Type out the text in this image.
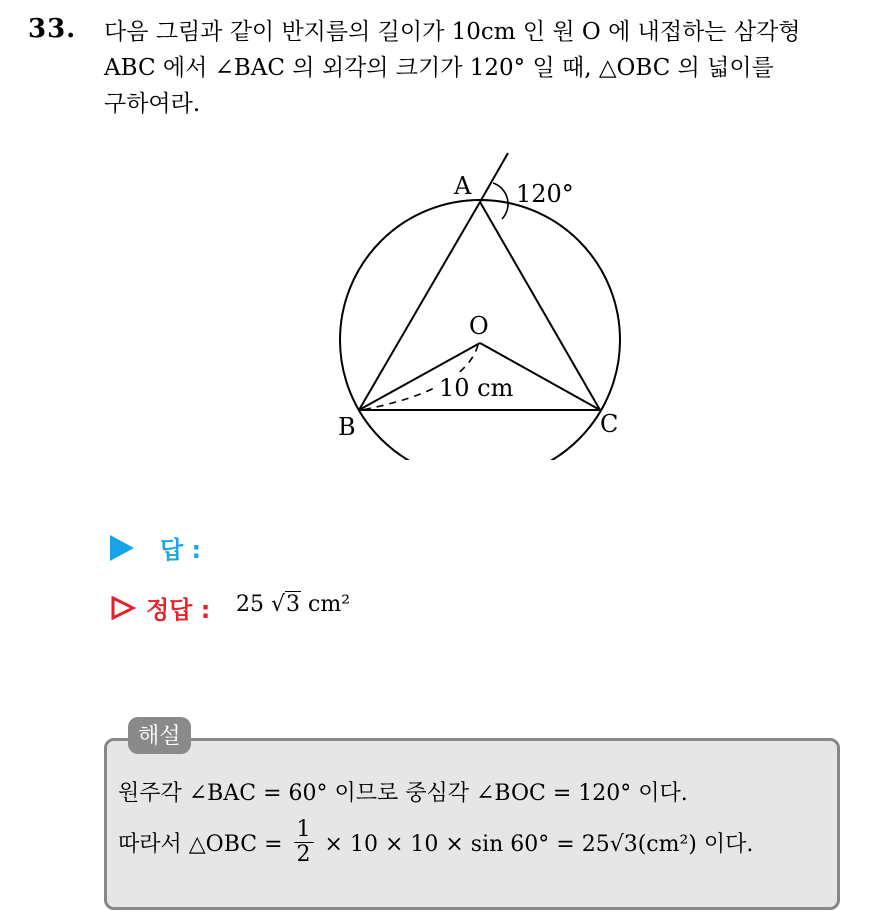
33. 다음 그림과 같이 반지름의 길이가 10cm 인 원 O 에 내접하는 삼각형
ABC 에서 ∠BAC 의 외각의 크기가 120° 일 때, △OBC 의 넓이를
구하여라.
A
B	C
O
120°
10 cm
답 :
정답 : 25 √3 cm²
해설
원주각 ∠BAC = 60° 이므로 중심각 ∠BOC = 120° 이다.
따라서 △OBC = $\frac{1}{2} \times 10 \times 10 \times \sin 60^\circ = 25√3(cm^2)$ 이다.
